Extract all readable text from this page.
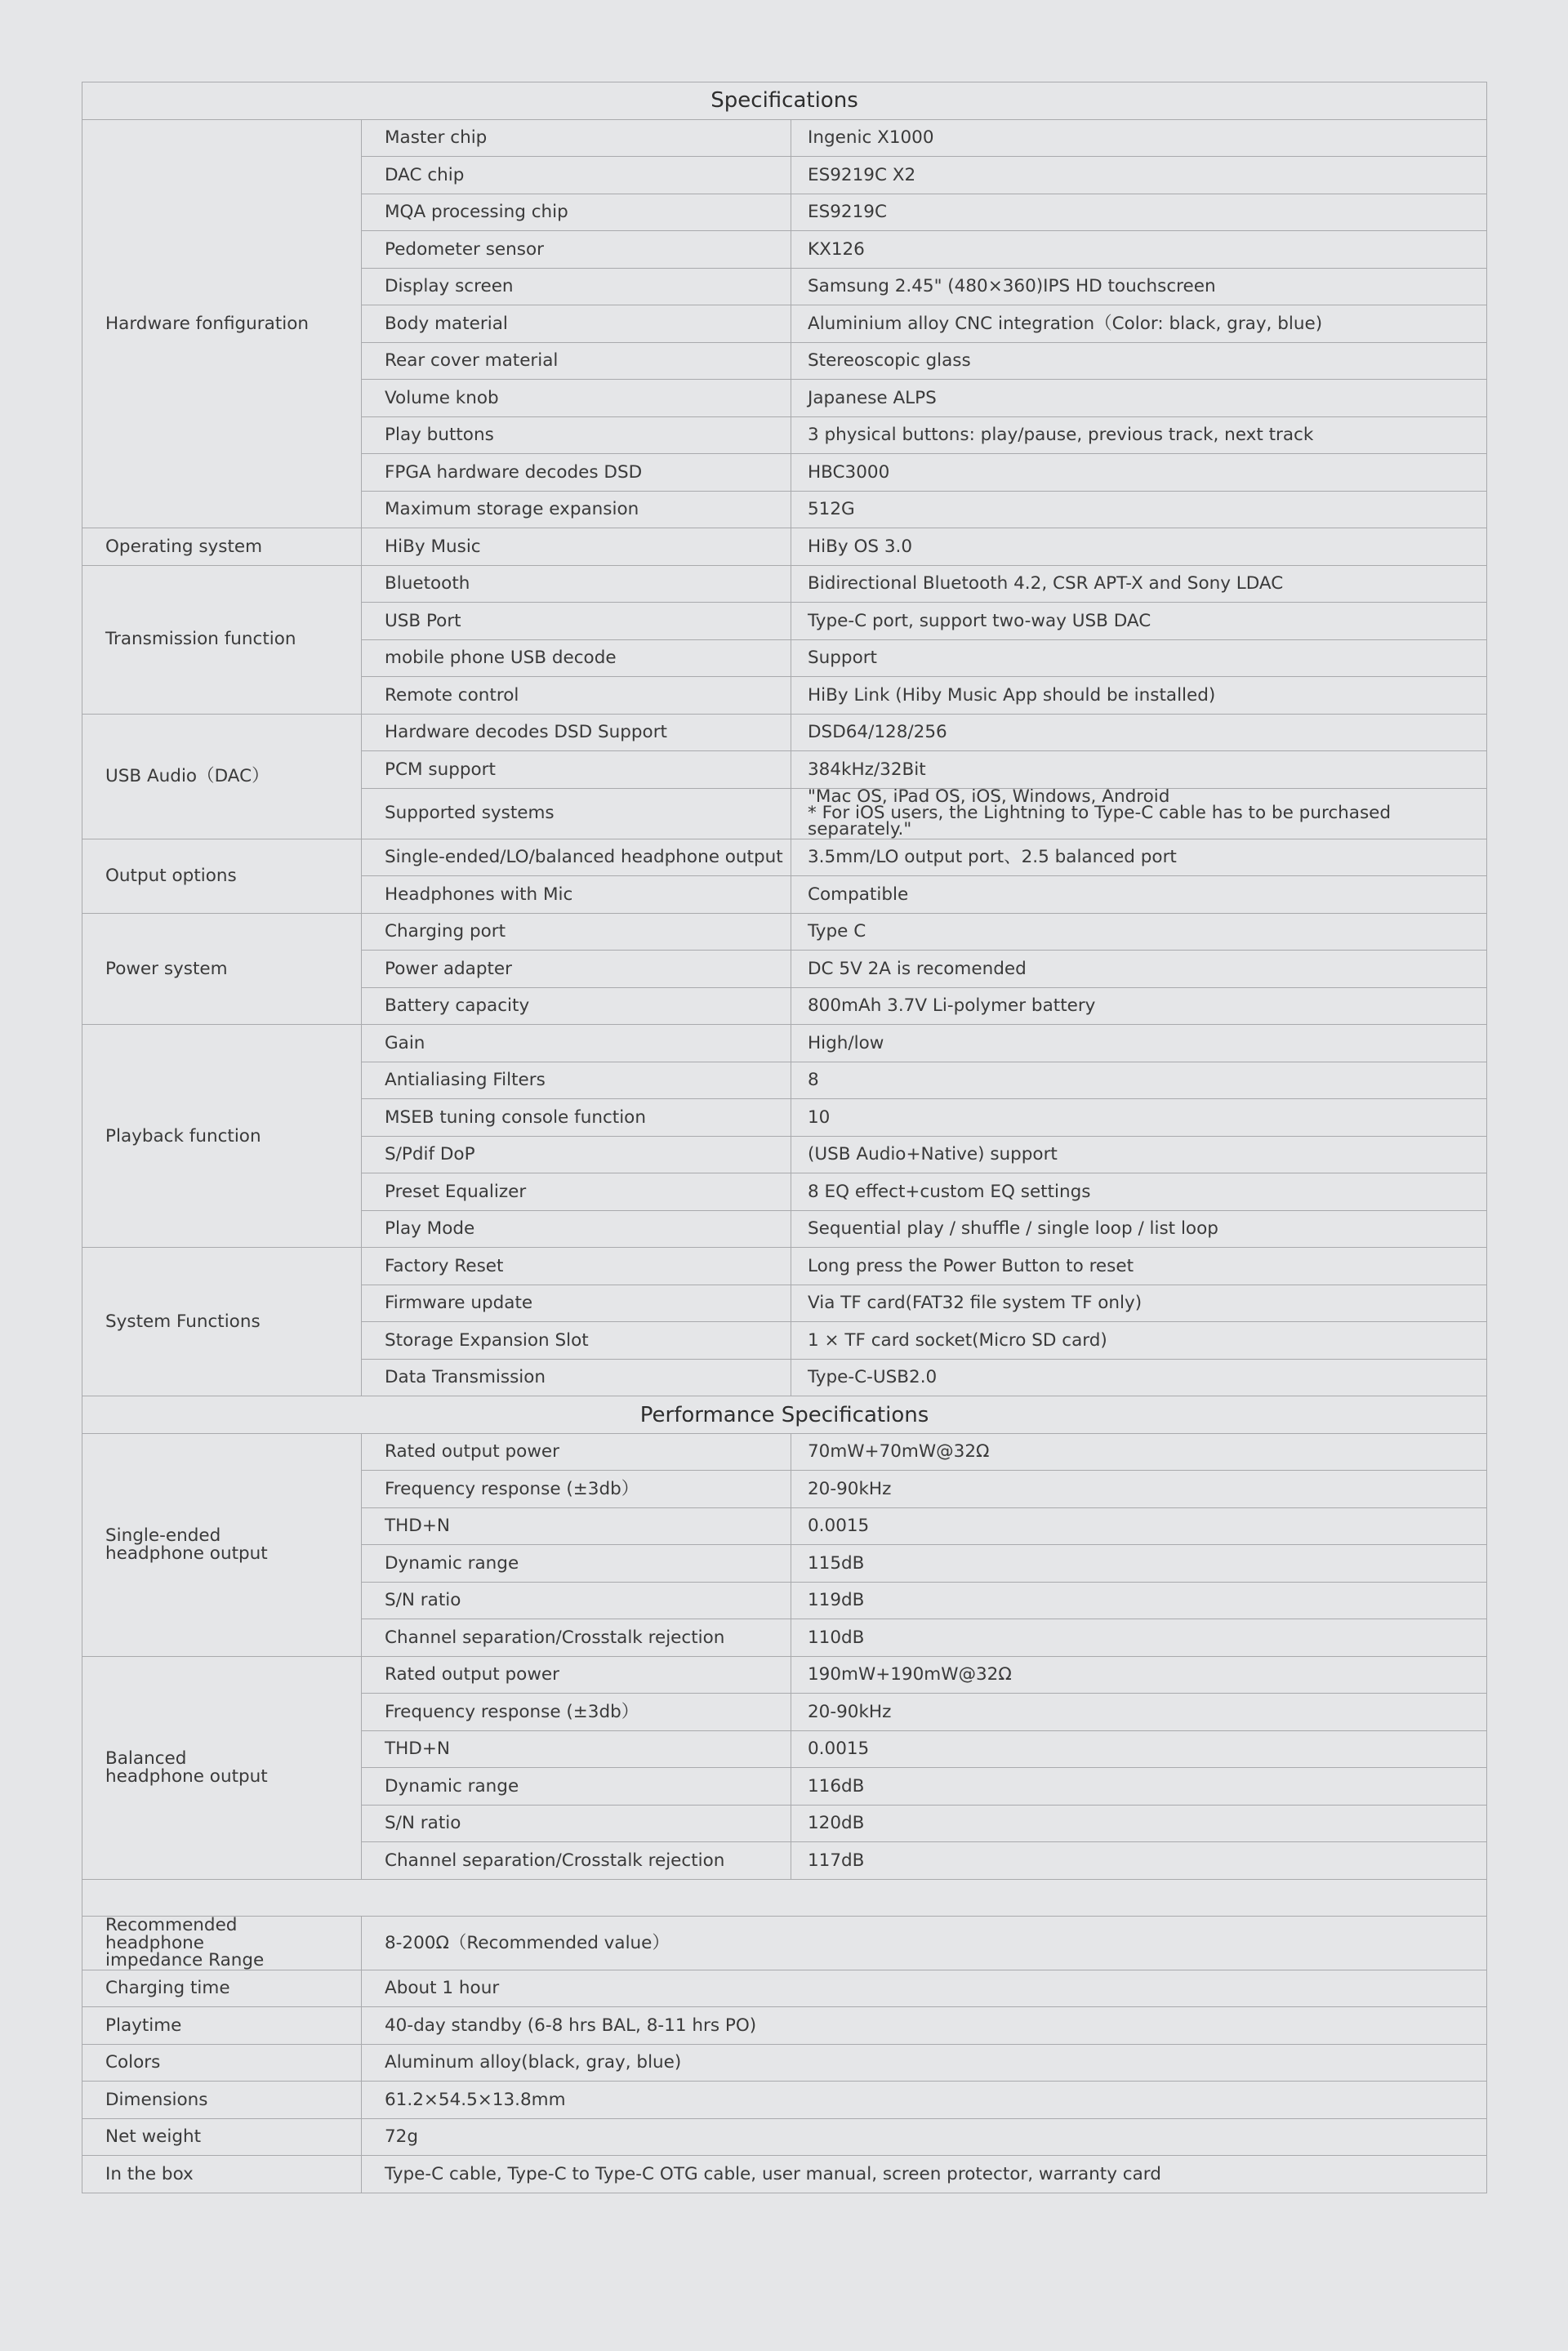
Specifications		
Hardware fonfiguration	Master chip	Ingenic X1000
	DAC chip	ES9219C X2
	MQA processing chip	ES9219C
	Pedometer sensor	KX126
	Display screen	Samsung 2.45" (480×360)IPS HD touchscreen
	Body material	Aluminium alloy CNC integration（Color: black, gray, blue)
	Rear cover material	Stereoscopic glass
	Volume knob	Japanese ALPS
	Play buttons	3 physical buttons: play/pause, previous track, next track
	FPGA hardware decodes DSD	HBC3000
	Maximum storage expansion	512G
Operating system	HiBy Music	HiBy OS 3.0
Transmission function	Bluetooth	Bidirectional Bluetooth 4.2, CSR APT-X and Sony LDAC
	USB Port	Type-C port, support two-way USB DAC
	mobile phone USB decode	Support
	Remote control	HiBy Link (Hiby Music App should be installed)
USB Audio（DAC）	Hardware decodes DSD Support	DSD64/128/256
	PCM support	384kHz/32Bit
	Supported systems	"Mac OS, iPad OS, iOS, Windows, Android
* For iOS users, the Lightning to Type-C cable has to be purchased separately."
Output options	Single-ended/LO/balanced headphone output	3.5mm/LO output port、2.5 balanced port
	Headphones with Mic	Compatible
Power system	Charging port	Type C
	Power adapter	DC 5V 2A is recomended
	Battery capacity	800mAh 3.7V Li-polymer battery
Playback function	Gain	High/low
	Antialiasing Filters	8
	MSEB tuning console function	10
	S/Pdif DoP	(USB Audio+Native) support
	Preset Equalizer	8 EQ effect+custom EQ settings
	Play Mode	Sequential play / shuffle / single loop / list loop
System Functions	Factory Reset	Long press the Power Button to reset
	Firmware update	Via TF card(FAT32 file system TF only)
	Storage Expansion Slot	1 × TF card socket(Micro SD card)
	Data Transmission	Type-C-USB2.0
Performance Specifications		
Single-ended
headphone output	Rated output power	70mW+70mW@32Ω
	Frequency response (±3db）	20-90kHz
	THD+N	0.0015
	Dynamic range	115dB
	S/N ratio	119dB
	Channel separation/Crosstalk rejection	110dB
Balanced
headphone output	Rated output power	190mW+190mW@32Ω
	Frequency response (±3db）	20-90kHz
	THD+N	0.0015
	Dynamic range	116dB
	S/N ratio	120dB
	Channel separation/Crosstalk rejection	117dB

Recommended headphone
impedance Range	8-200Ω（Recommended value）	
Charging time	About 1 hour	
Playtime	40-day standby (6-8 hrs BAL, 8-11 hrs PO)	
Colors	Aluminum alloy(black, gray, blue)	
Dimensions	61.2×54.5×13.8mm	
Net weight	72g	
In the box	Type-C cable, Type-C to Type-C OTG cable, user manual, screen protector, warranty card	
